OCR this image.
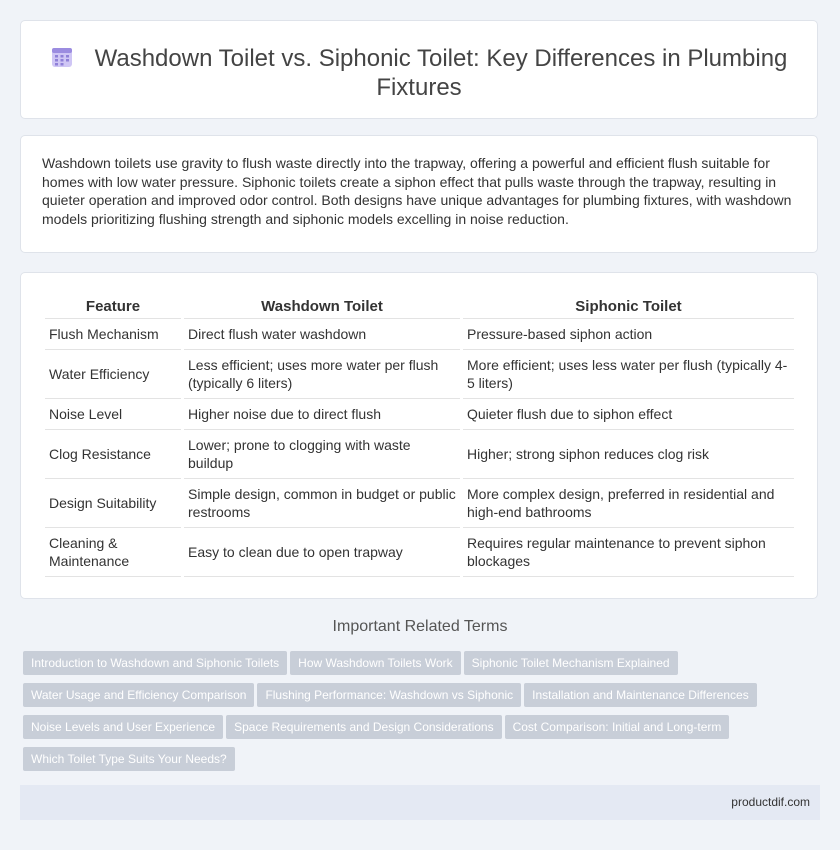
Washdown Toilet vs. Siphonic Toilet: Key Differences in Plumbing Fixtures
Washdown toilets use gravity to flush waste directly into the trapway, offering a powerful and efficient flush suitable for homes with low water pressure. Siphonic toilets create a siphon effect that pulls waste through the trapway, resulting in quieter operation and improved odor control. Both designs have unique advantages for plumbing fixtures, with washdown models prioritizing flushing strength and siphonic models excelling in noise reduction.
Feature	Washdown Toilet	Siphonic Toilet
Flush Mechanism	Direct flush water washdown	Pressure-based siphon action
Water Efficiency	Less efficient; uses more water per flush (typically 6 liters)	More efficient; uses less water per flush (typically 4-5 liters)
Noise Level	Higher noise due to direct flush	Quieter flush due to siphon effect
Clog Resistance	Lower; prone to clogging with waste buildup	Higher; strong siphon reduces clog risk
Design Suitability	Simple design, common in budget or public restrooms	More complex design, preferred in residential and high-end bathrooms
Cleaning & Maintenance	Easy to clean due to open trapway	Requires regular maintenance to prevent siphon blockages
Important Related Terms
Introduction to Washdown and Siphonic Toilets How Washdown Toilets Work Siphonic Toilet Mechanism Explained
Water Usage and Efficiency Comparison Flushing Performance: Washdown vs Siphonic Installation and Maintenance Differences
Noise Levels and User Experience Space Requirements and Design Considerations Cost Comparison: Initial and Long-term
Which Toilet Type Suits Your Needs?
productdif.com
